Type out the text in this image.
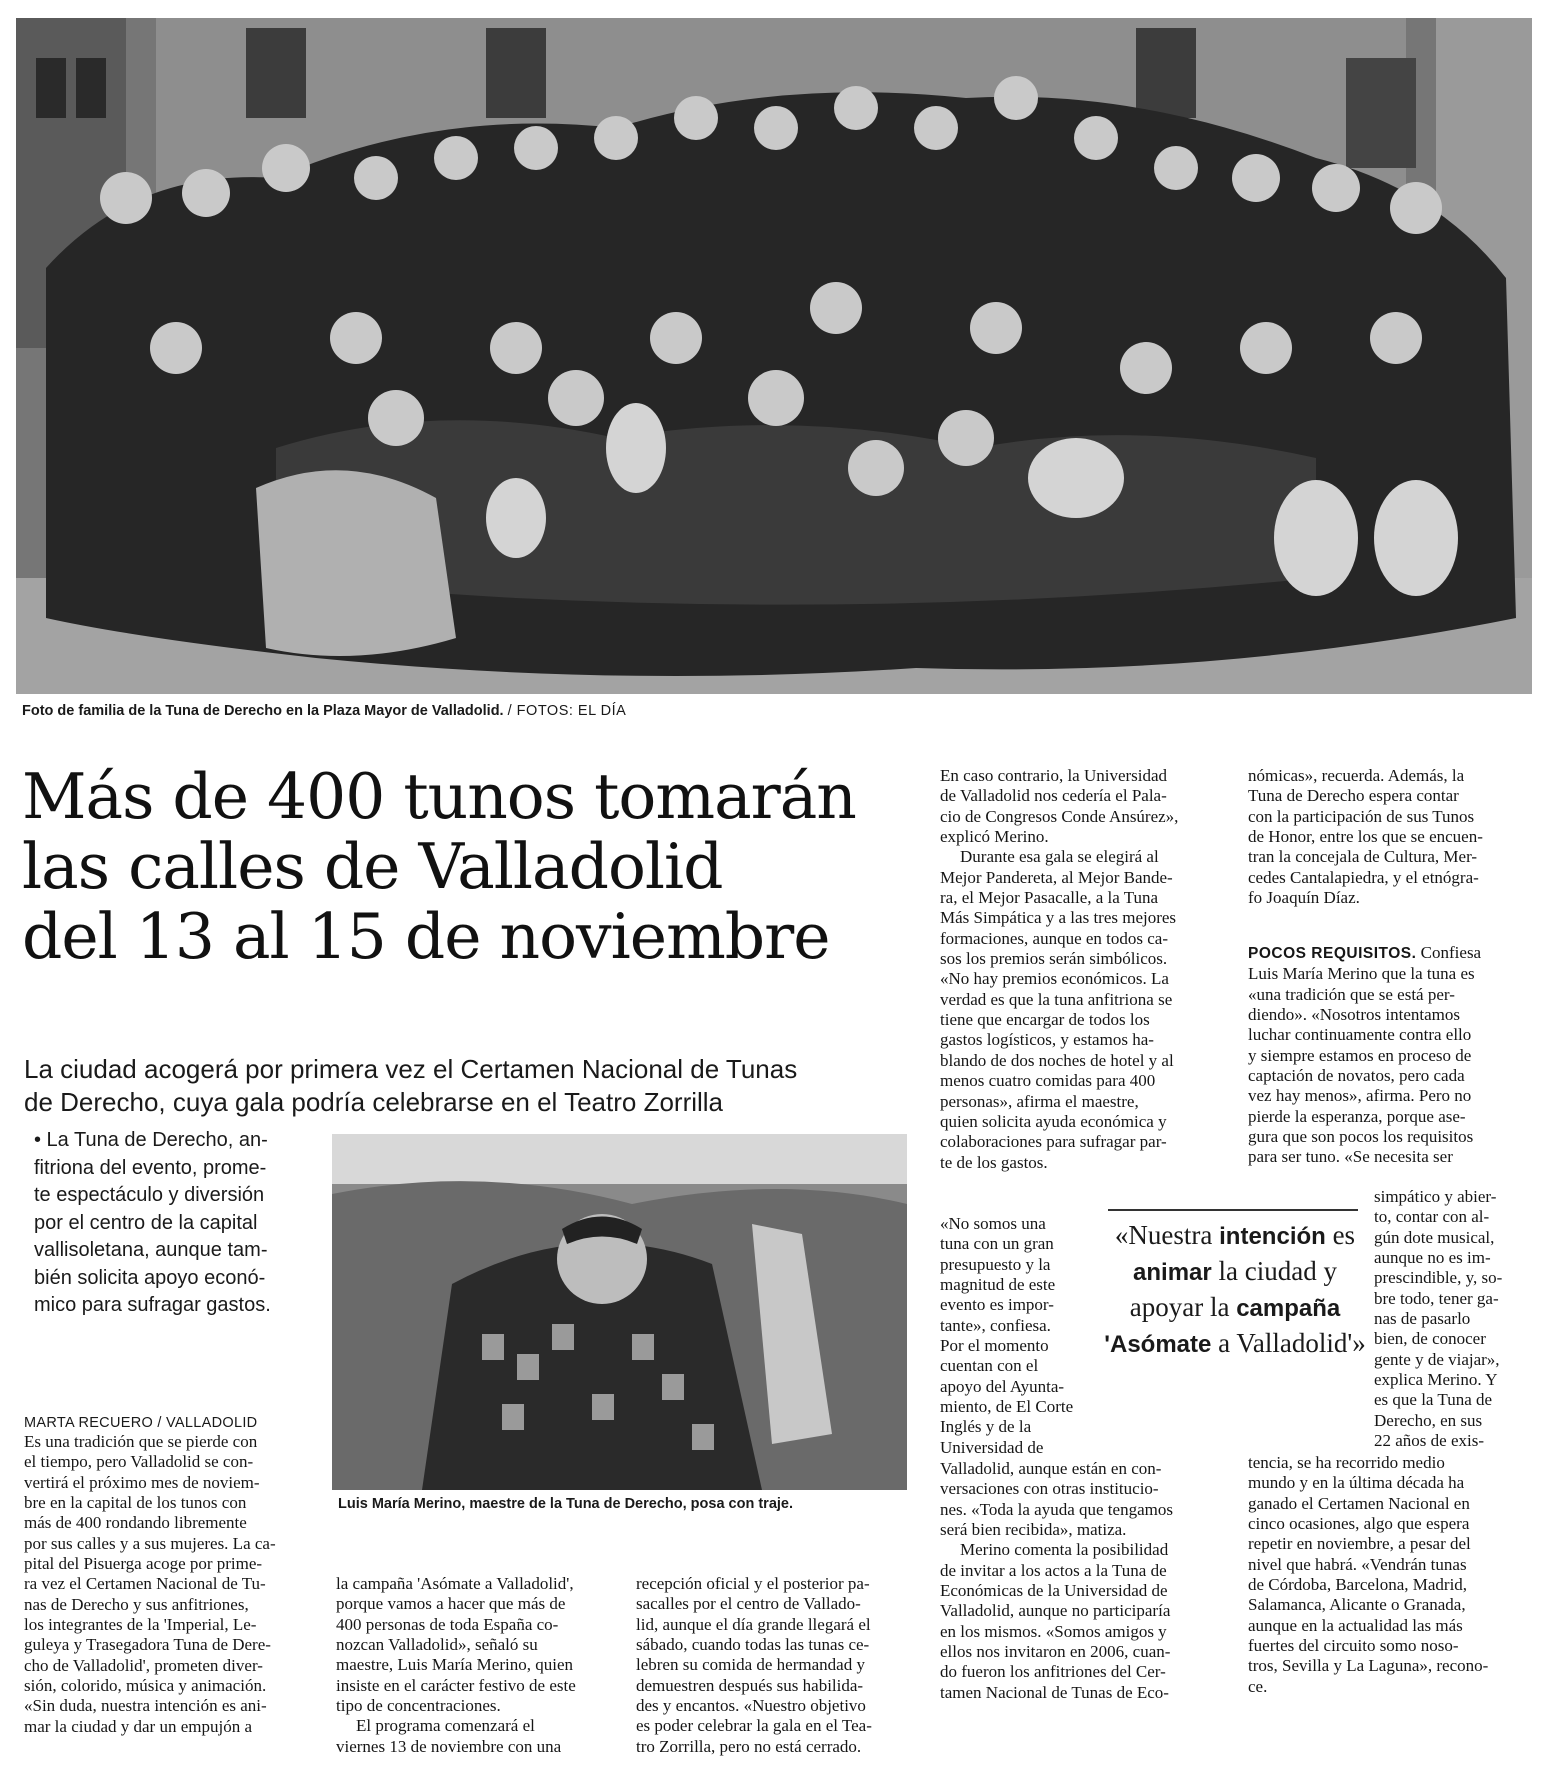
Foto de familia de la Tuna de Derecho en la Plaza Mayor de Valladolid. / FOTOS: EL DÍA
Más de 400 tunos tomarán
las calles de Valladolid
del 13 al 15 de noviembre
La ciudad acogerá por primera vez el Certamen Nacional de Tunas
de Derecho, cuya gala podría celebrarse en el Teatro Zorrilla
• La Tuna de Derecho, an-
fitriona del evento, prome-
te espectáculo y diversión
por el centro de la capital
vallisoletana, aunque tam-
bién solicita apoyo econó-
mico para sufragar gastos.
MARTA RECUERO / VALLADOLID
Luis María Merino, maestre de la Tuna de Derecho, posa con traje.

Es una tradición que se pierde con

el tiempo, pero Valladolid se con-

vertirá el próximo mes de noviem-

bre en la capital de los tunos con

más de 400 rondando libremente

por sus calles y a sus mujeres. La ca-

pital del Pisuerga acoge por prime-

ra vez el Certamen Nacional de Tu-

nas de Derecho y sus anfitriones,

los integrantes de la 'Imperial, Le-

guleya y Trasegadora Tuna de Dere-

cho de Valladolid', prometen diver-

sión, colorido, música y animación.

«Sin duda, nuestra intención es ani-

mar la ciudad y dar un empujón a

la campaña 'Asómate a Valladolid',

porque vamos a hacer que más de

400 personas de toda España co-

nozcan Valladolid», señaló su

maestre, Luis María Merino, quien

insiste en el carácter festivo de este

tipo de concentraciones.

El programa comenzará el

viernes 13 de noviembre con una

recepción oficial y el posterior pa-

sacalles por el centro de Vallado-

lid, aunque el día grande llegará el

sábado, cuando todas las tunas ce-

lebren su comida de hermandad y

demuestren después sus habilida-

des y encantos. «Nuestro objetivo

es poder celebrar la gala en el Tea-

tro Zorrilla, pero no está cerrado.

En caso contrario, la Universidad

de Valladolid nos cedería el Pala-

cio de Congresos Conde Ansúrez»,

explicó Merino.

Durante esa gala se elegirá al

Mejor Pandereta, al Mejor Bande-

ra, el Mejor Pasacalle, a la Tuna

Más Simpática y a las tres mejores

formaciones, aunque en todos ca-

sos los premios serán simbólicos.

«No hay premios económicos. La

verdad es que la tuna anfitriona se

tiene que encargar de todos los

gastos logísticos, y estamos ha-

blando de dos noches de hotel y al

menos cuatro comidas para 400

personas», afirma el maestre,

quien solicita ayuda económica y

colaboraciones para sufragar par-

te de los gastos.

«No somos una

tuna con un gran

presupuesto y la

magnitud de este

evento es impor-

tante», confiesa.

Por el momento

cuentan con el

apoyo del Ayunta-

miento, de El Corte

Inglés y de la

Universidad de

Valladolid, aunque están en con-

versaciones con otras institucio-

nes. «Toda la ayuda que tengamos

será bien recibida», matiza.

Merino comenta la posibilidad

de invitar a los actos a la Tuna de

Económicas de la Universidad de

Valladolid, aunque no participaría

en los mismos. «Somos amigos y

ellos nos invitaron en 2006, cuan-

do fueron los anfitriones del Cer-

tamen Nacional de Tunas de Eco-

nómicas», recuerda. Además, la

Tuna de Derecho espera contar

con la participación de sus Tunos

de Honor, entre los que se encuen-

tran la concejala de Cultura, Mer-

cedes Cantalapiedra, y el etnógra-

fo Joaquín Díaz.

POCOS REQUISITOS. Confiesa

Luis María Merino que la tuna es

«una tradición que se está per-

diendo». «Nosotros intentamos

luchar continuamente contra ello

y siempre estamos en proceso de

captación de novatos, pero cada

vez hay menos», afirma. Pero no

pierde la esperanza, porque ase-

gura que son pocos los requisitos

para ser tuno. «Se necesita ser

simpático y abier-

to, contar con al-

gún dote musical,

aunque no es im-

prescindible, y, so-

bre todo, tener ga-

nas de pasarlo

bien, de conocer

gente y de viajar»,

explica Merino. Y

es que la Tuna de

Derecho, en sus

22 años de exis-

tencia, se ha recorrido medio

mundo y en la última década ha

ganado el Certamen Nacional en

cinco ocasiones, algo que espera

repetir en noviembre, a pesar del

nivel que habrá. «Vendrán tunas

de Córdoba, Barcelona, Madrid,

Salamanca, Alicante o Granada,

aunque en la actualidad las más

fuertes del circuito somo noso-

tros, Sevilla y La Laguna», recono-

ce.

«Nuestra intención es animar la ciudad y apoyar la campaña 'Asómate a Valladolid'»
